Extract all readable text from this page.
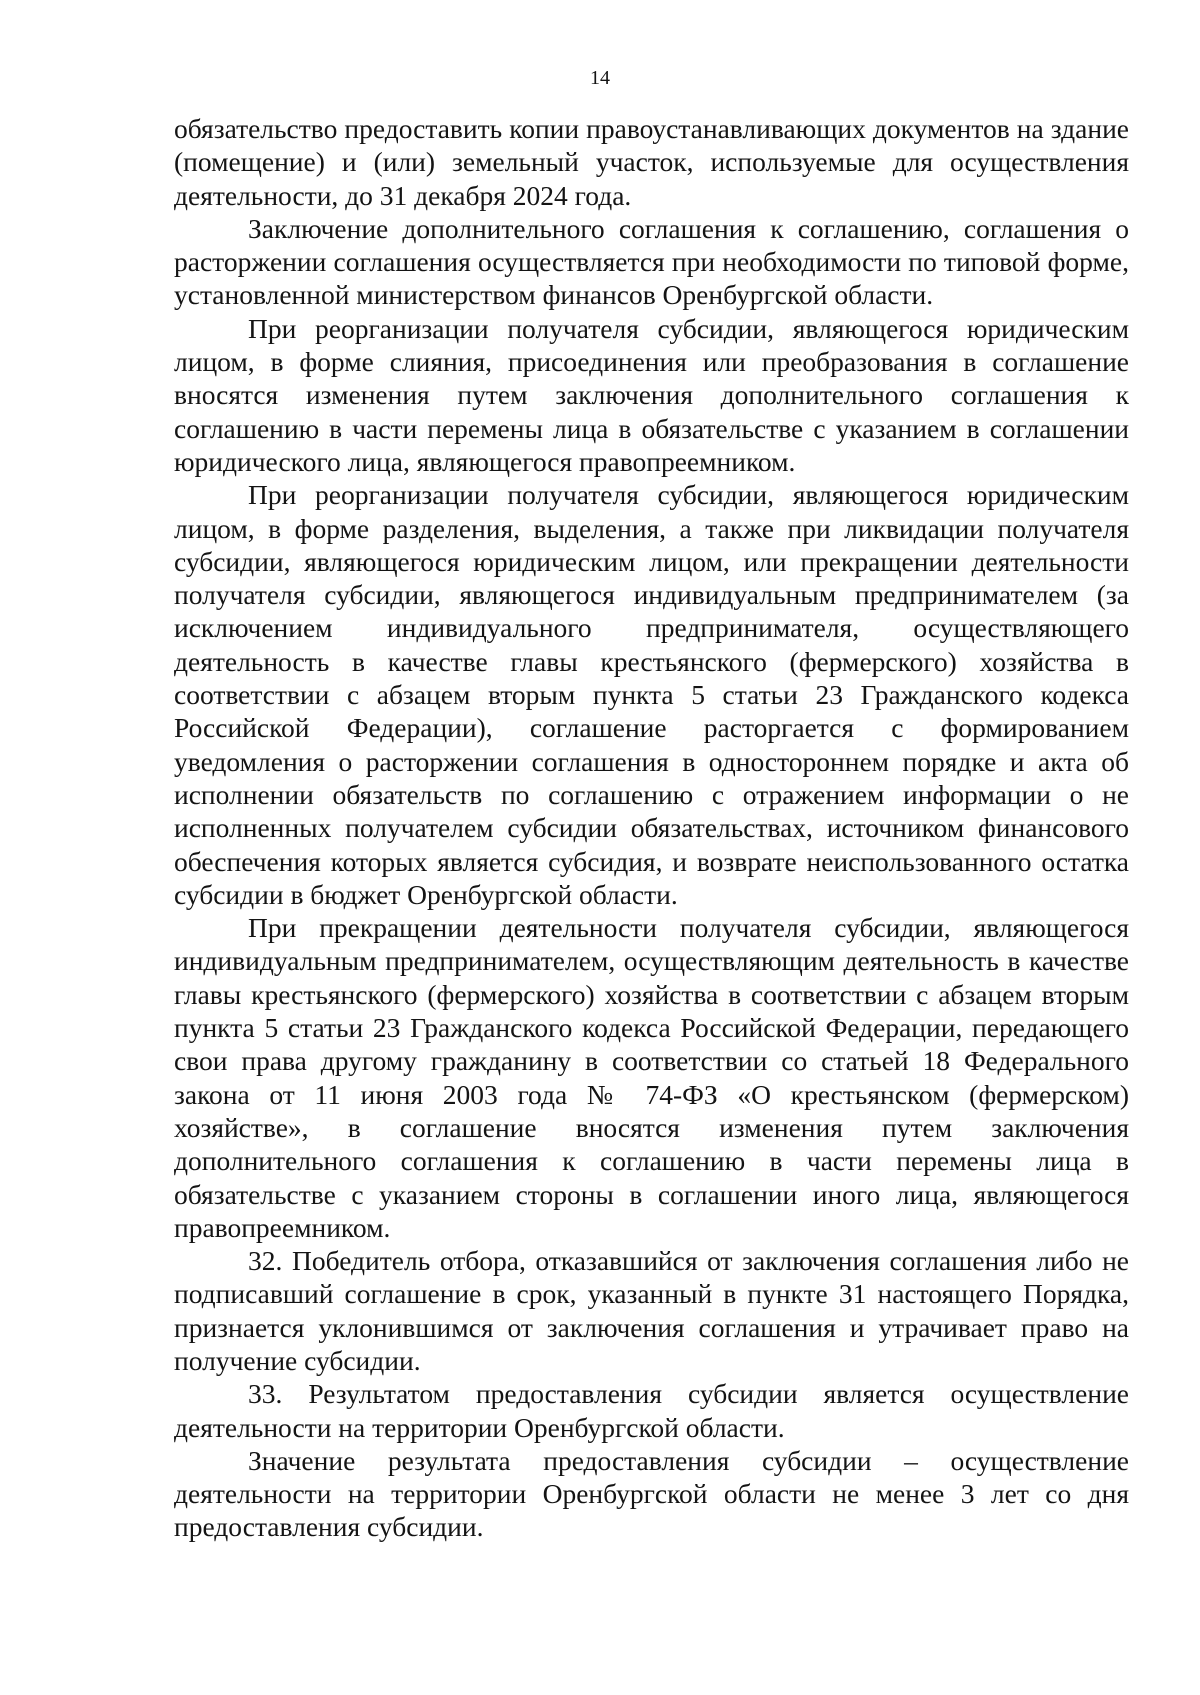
14

обязательство предоставить копии правоустанавливающих документов на здание (помещение) и (или) земельный участок, используемые для осуществления деятельности, до 31 декабря 2024 года.

Заключение дополнительного соглашения к соглашению, соглашения о расторжении соглашения осуществляется при необходимости по типовой форме, установленной министерством финансов Оренбургской области.

При реорганизации получателя субсидии, являющегося юридическим лицом, в форме слияния, присоединения или преобразования в соглашение вносятся изменения путем заключения дополнительного соглашения к соглашению в части перемены лица в обязательстве с указанием в соглашении юридического лица, являющегося правопреемником.

При реорганизации получателя субсидии, являющегося юридическим лицом, в форме разделения, выделения, а также при ликвидации получателя субсидии, являющегося юридическим лицом, или прекращении деятельности получателя субсидии, являющегося индивидуальным предпринимателем (за исключением индивидуального предпринимателя, осуществляющего деятельность в качестве главы крестьянского (фермерского) хозяйства в соответствии с абзацем вторым пункта 5 статьи 23 Гражданского кодекса Российской Федерации), соглашение расторгается с формированием уведомления о расторжении соглашения в одностороннем порядке и акта об исполнении обязательств по соглашению с отражением информации о не исполненных получателем субсидии обязательствах, источником финансового обеспечения которых является субсидия, и возврате неиспользованного остатка субсидии в бюджет Оренбургской области.

При прекращении деятельности получателя субсидии, являющегося индивидуальным предпринимателем, осуществляющим деятельность в качестве главы крестьянского (фермерского) хозяйства в соответствии с абзацем вторым пункта 5 статьи 23 Гражданского кодекса Российской Федерации, передающего свои права другому гражданину в соответствии со статьей 18 Федерального закона от 11 июня 2003 года № 74-ФЗ «О крестьянском (фермерском) хозяйстве», в соглашение вносятся изменения путем заключения дополнительного соглашения к соглашению в части перемены лица в обязательстве с указанием стороны в соглашении иного лица, являющегося правопреемником.

32. Победитель отбора, отказавшийся от заключения соглашения либо не подписавший соглашение в срок, указанный в пункте 31 настоящего Порядка, признается уклонившимся от заключения соглашения и утрачивает право на получение субсидии.

33. Результатом предоставления субсидии является осуществление деятельности на территории Оренбургской области.

Значение результата предоставления субсидии – осуществление деятельности на территории Оренбургской области не менее 3 лет со дня предоставления субсидии.
